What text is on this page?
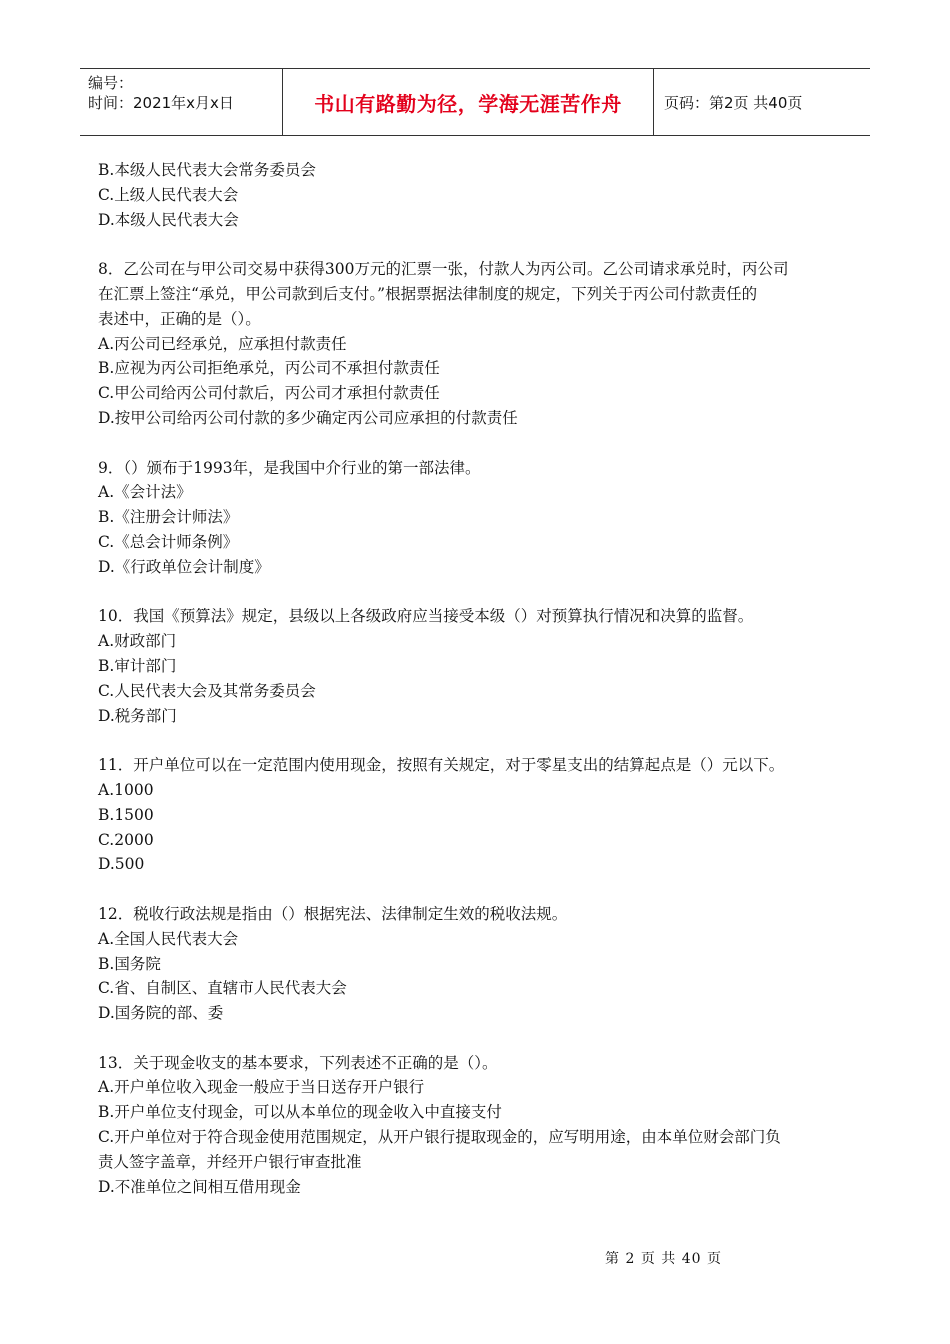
编号：
时间：2021年x月x日	书山有路勤为径，学海无涯苦作舟	页码：第2页 共40页

B.本级人民代表大会常务委员会

C.上级人民代表大会

D.本级人民代表大会

8．乙公司在与甲公司交易中获得300万元的汇票一张，付款人为丙公司。乙公司请求承兑时，丙公司

在汇票上签注“承兑，甲公司款到后支付。”根据票据法律制度的规定，下列关于丙公司付款责任的

表述中，正确的是（）。

A.丙公司已经承兑，应承担付款责任

B.应视为丙公司拒绝承兑，丙公司不承担付款责任

C.甲公司给丙公司付款后，丙公司才承担付款责任

D.按甲公司给丙公司付款的多少确定丙公司应承担的付款责任

9．（）颁布于1993年，是我国中介行业的第一部法律。

A.《会计法》

B.《注册会计师法》

C.《总会计师条例》

D.《行政单位会计制度》

10．我国《预算法》规定，县级以上各级政府应当接受本级（）对预算执行情况和决算的监督。

A.财政部门

B.审计部门

C.人民代表大会及其常务委员会

D.税务部门

11．开户单位可以在一定范围内使用现金，按照有关规定，对于零星支出的结算起点是（）元以下。

A.1000

B.1500

C.2000

D.500

12．税收行政法规是指由（）根据宪法、法律制定生效的税收法规。

A.全国人民代表大会

B.国务院

C.省、自制区、直辖市人民代表大会

D.国务院的部、委

13．关于现金收支的基本要求，下列表述不正确的是（）。

A.开户单位收入现金一般应于当日送存开户银行

B.开户单位支付现金，可以从本单位的现金收入中直接支付

C.开户单位对于符合现金使用范围规定，从开户银行提取现金的，应写明用途，由本单位财会部门负

责人签字盖章，并经开户银行审查批准

D.不准单位之间相互借用现金

第 2 页 共 40 页
